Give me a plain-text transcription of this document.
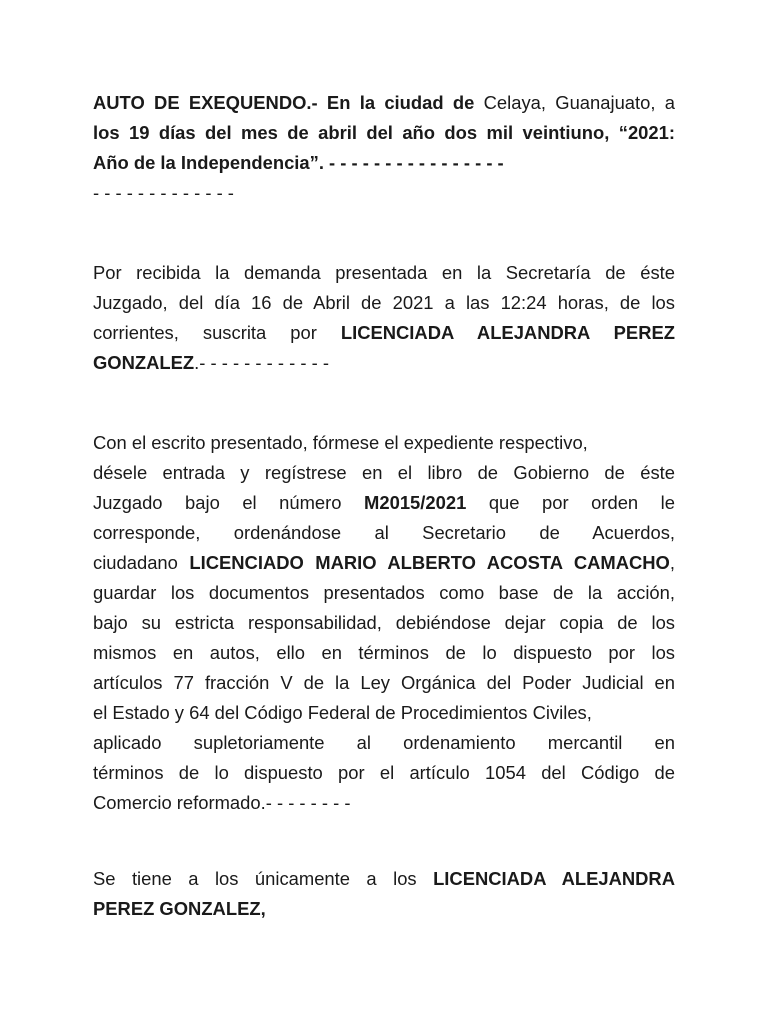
AUTO DE EXEQUENDO.- En la ciudad de Celaya, Guanajuato, a
los 19 días del mes de abril del año dos mil veintiuno, “2021:
Año de la Independencia”. - - - - - - - - - - - - - - - -
- - - - - - - - - - - - -

Por recibida la demanda presentada en la Secretaría de éste
Juzgado, del día 16 de Abril de 2021 a las 12:24 horas, de los
corrientes, suscrita por LICENCIADA ALEJANDRA PEREZ
GONZALEZ.- - - - - - - - - - - -

Con el escrito presentado, fórmese el expediente respectivo,
désele entrada y regístrese en el libro de Gobierno de éste
Juzgado bajo el número M2015/2021 que por orden le
corresponde, ordenándose al Secretario de Acuerdos,
ciudadano LICENCIADO MARIO ALBERTO ACOSTA CAMACHO,
guardar los documentos presentados como base de la acción,
bajo su estricta responsabilidad, debiéndose dejar copia de los
mismos en autos, ello en términos de lo dispuesto por los
artículos 77 fracción V de la Ley Orgánica del Poder Judicial en
el Estado y 64 del Código Federal de Procedimientos Civiles,
aplicado supletoriamente al ordenamiento mercantil en
términos de lo dispuesto por el artículo 1054 del Código de
Comercio reformado.- - - - - - - -

Se tiene a los únicamente a los LICENCIADA ALEJANDRA
PEREZ GONZALEZ,
